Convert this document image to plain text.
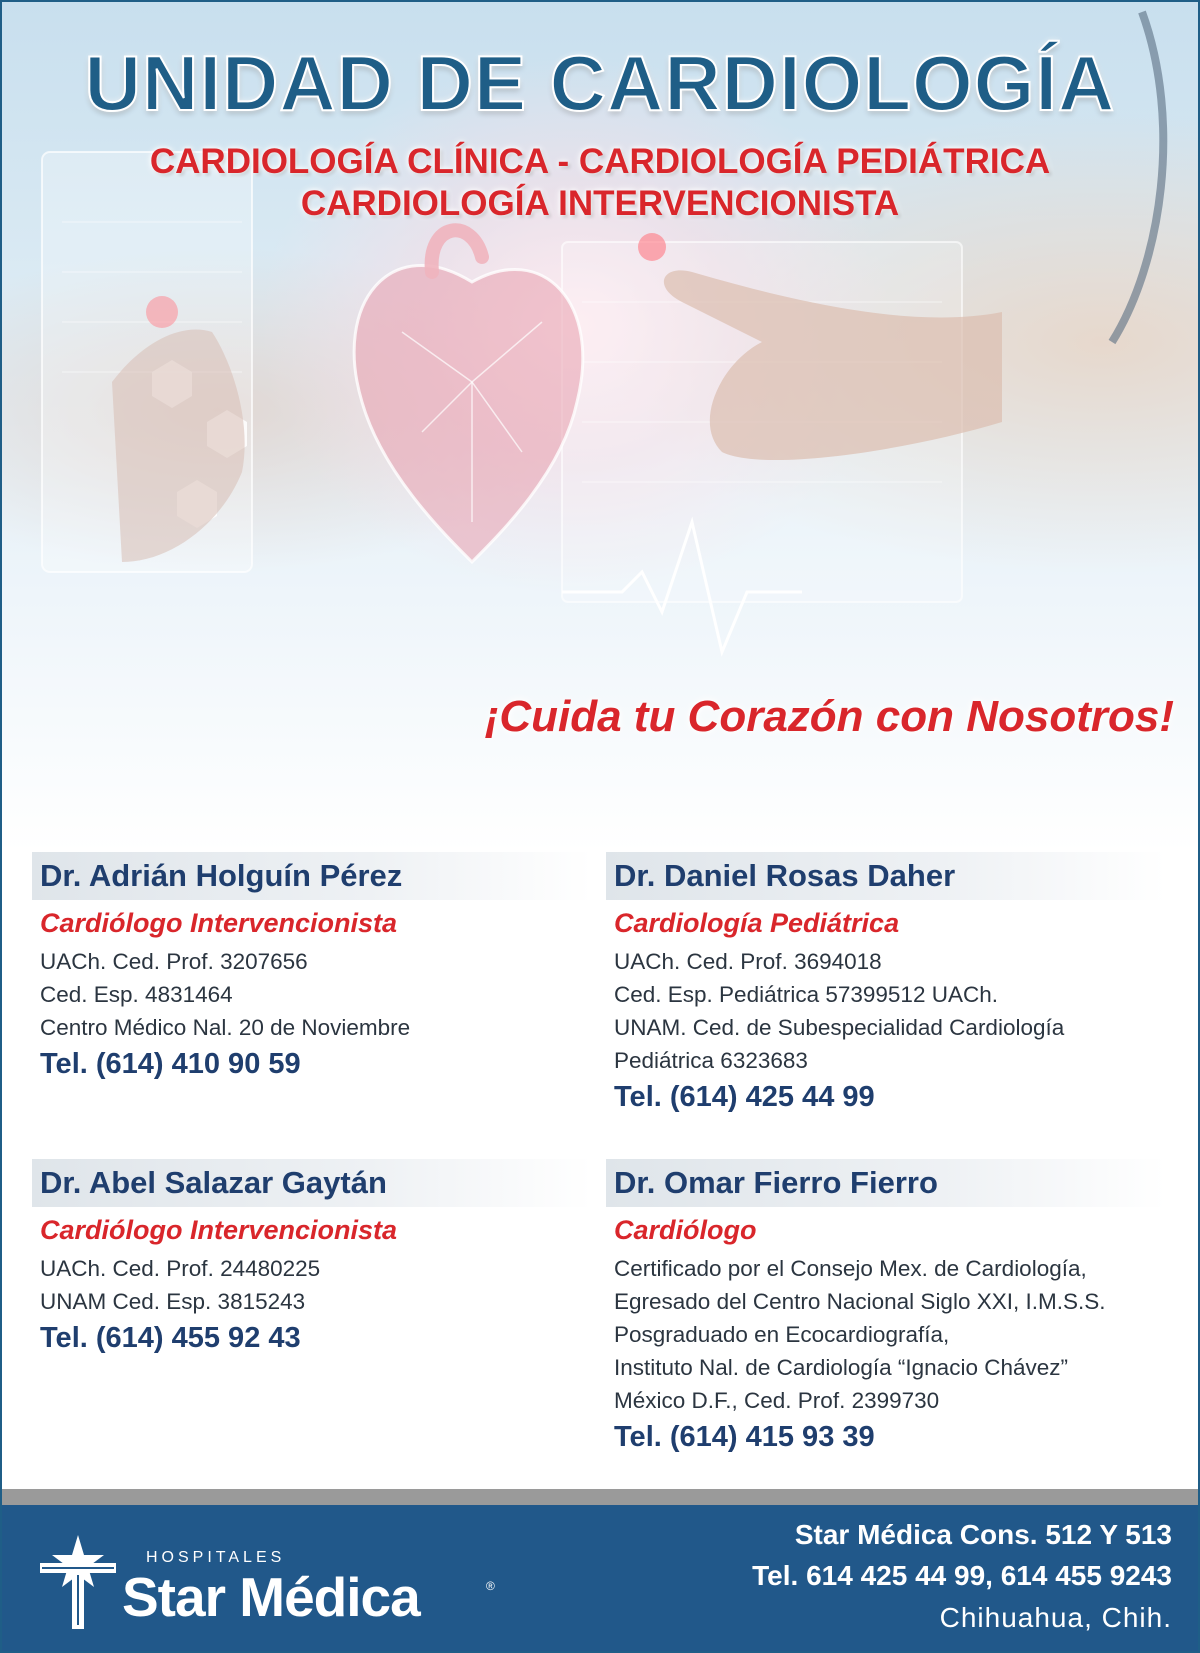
UNIDAD DE CARDIOLOGÍA
CARDIOLOGÍA CLÍNICA - CARDIOLOGÍA PEDIÁTRICA
CARDIOLOGÍA INTERVENCIONISTA
¡Cuida tu Corazón con Nosotros!
Dr. Adrián Holguín Pérez
Cardiólogo Intervencionista
UACh. Ced. Prof. 3207656
Ced. Esp. 4831464
Centro Médico Nal. 20 de Noviembre
Tel. (614) 410 90 59
Dr. Daniel Rosas Daher
Cardiología Pediátrica
UACh. Ced. Prof. 3694018
Ced. Esp. Pediátrica 57399512 UACh.
UNAM. Ced. de Subespecialidad Cardiología
Pediátrica 6323683
Tel. (614) 425 44 99
Dr. Abel Salazar Gaytán
Cardiólogo Intervencionista
UACh. Ced. Prof. 24480225
UNAM Ced. Esp. 3815243
Tel. (614) 455 92 43
Dr. Omar Fierro Fierro
Cardiólogo
Certificado por el Consejo Mex. de Cardiología,
Egresado del Centro Nacional Siglo XXI, I.M.S.S.
Posgraduado en Ecocardiografía,
Instituto Nal. de Cardiología “Ignacio Chávez”
México D.F., Ced. Prof. 2399730
Tel. (614) 415 93 39
HOSPITALES
Star Médica	®
Star Médica Cons. 512 Y 513
Tel. 614 425 44 99, 614 455 9243
Chihuahua, Chih.
